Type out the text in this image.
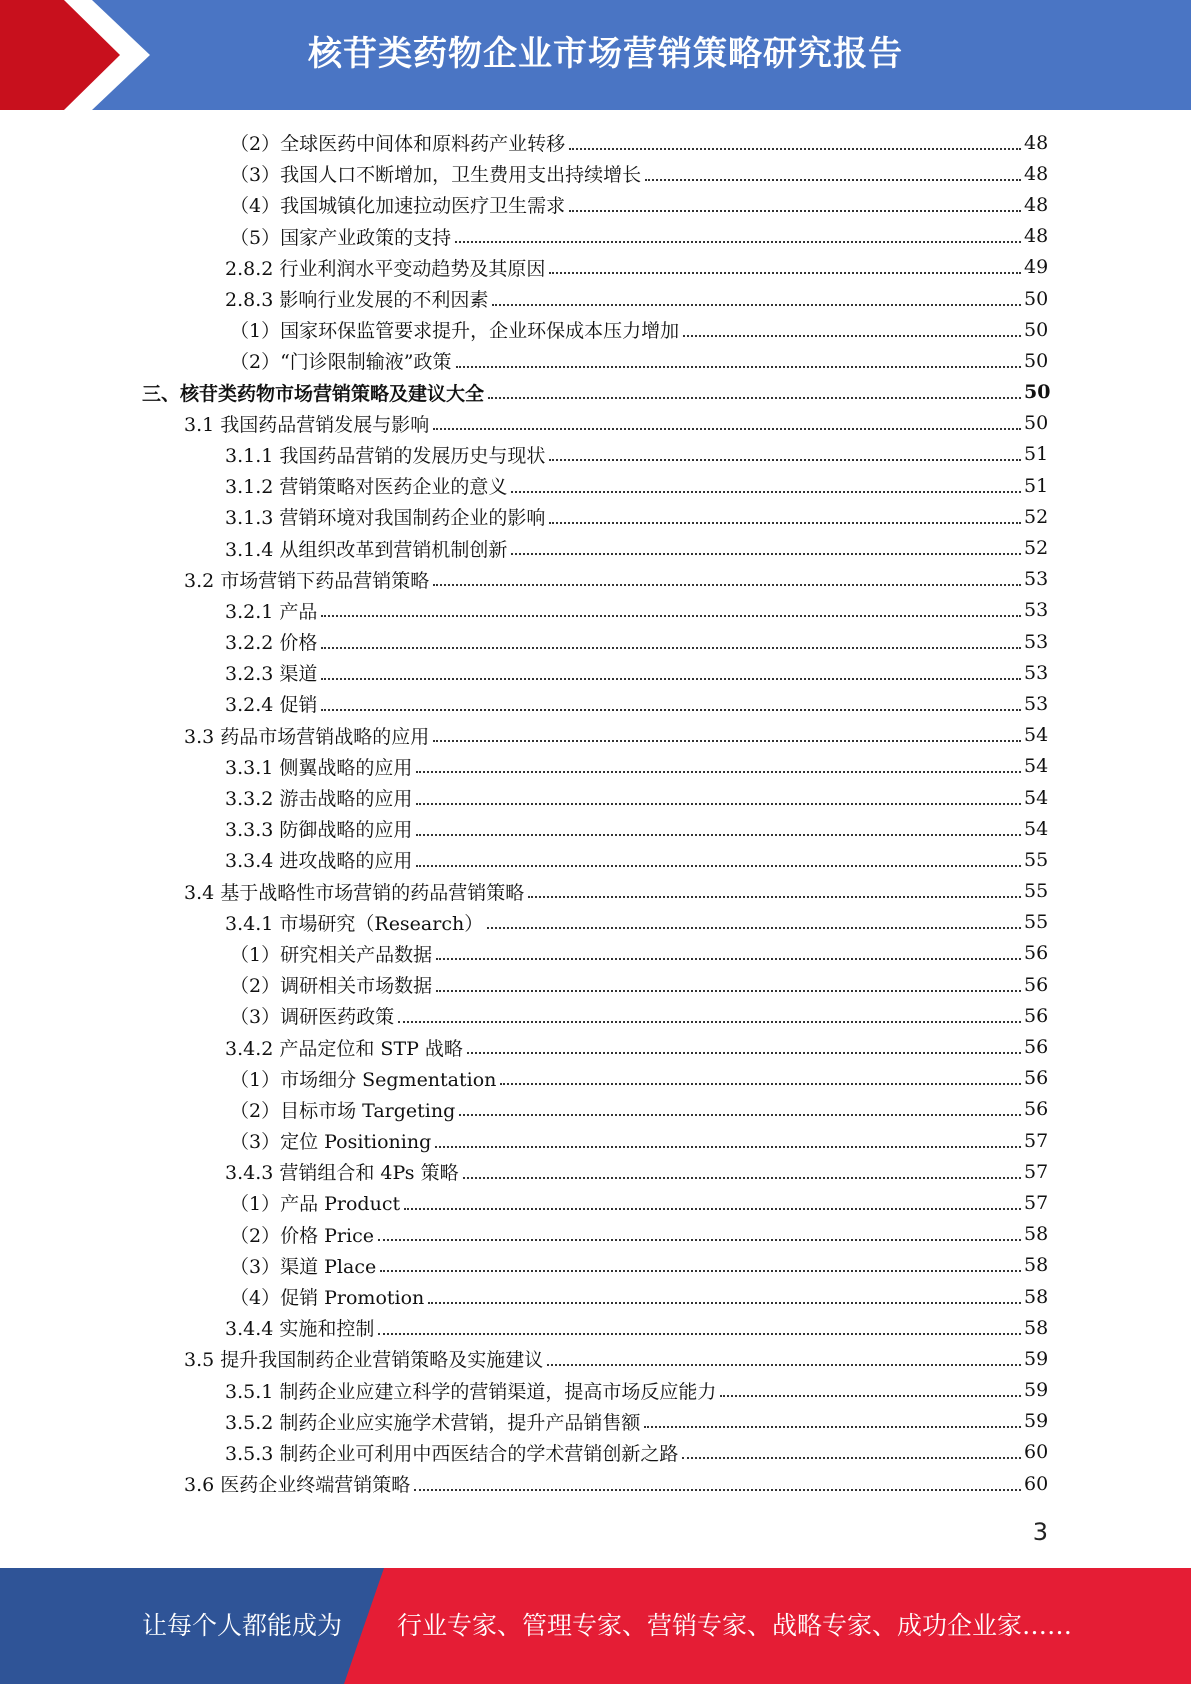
核苷类药物企业市场营销策略研究报告
（2）全球医药中间体和原料药产业转移	48
（3）我国人口不断增加，卫生费用支出持续增长	48
（4）我国城镇化加速拉动医疗卫生需求	48
（5）国家产业政策的支持	48
2.8.2 行业利润水平变动趋势及其原因	49
2.8.3 影响行业发展的不利因素	50
（1）国家环保监管要求提升，企业环保成本压力增加	50
（2）“门诊限制输液”政策	50
三、核苷类药物市场营销策略及建议大全	50
3.1 我国药品营销发展与影响	50
3.1.1 我国药品营销的发展历史与现状	51
3.1.2 营销策略对医药企业的意义	51
3.1.3 营销环境对我国制药企业的影响	52
3.1.4 从组织改革到营销机制创新	52
3.2 市场营销下药品营销策略	53
3.2.1 产品	53
3.2.2 价格	53
3.2.3 渠道	53
3.2.4 促销	53
3.3 药品市场营销战略的应用	54
3.3.1 侧翼战略的应用	54
3.3.2 游击战略的应用	54
3.3.3 防御战略的应用	54
3.3.4 进攻战略的应用	55
3.4 基于战略性市场营销的药品营销策略	55
3.4.1 市場研究（Research）	55
（1）研究相关产品数据	56
（2）调研相关市场数据	56
（3）调研医药政策	56
3.4.2 产品定位和 STP 战略	56
（1）市场细分 Segmentation	56
（2）目标市场 Targeting	56
（3）定位 Positioning	57
3.4.3 营销组合和 4Ps 策略	57
（1）产品 Product	57
（2）价格 Price	58
（3）渠道 Place	58
（4）促销 Promotion	58
3.4.4 实施和控制	58
3.5 提升我国制药企业营销策略及实施建议	59
3.5.1 制药企业应建立科学的营销渠道，提高市场反应能力	59
3.5.2 制药企业应实施学术营销，提升产品销售额	59
3.5.3 制药企业可利用中西医结合的学术营销创新之路	60
3.6 医药企业终端营销策略	60
3
让每个人都能成为 行业专家、管理专家、营销专家、战略专家、成功企业家……
